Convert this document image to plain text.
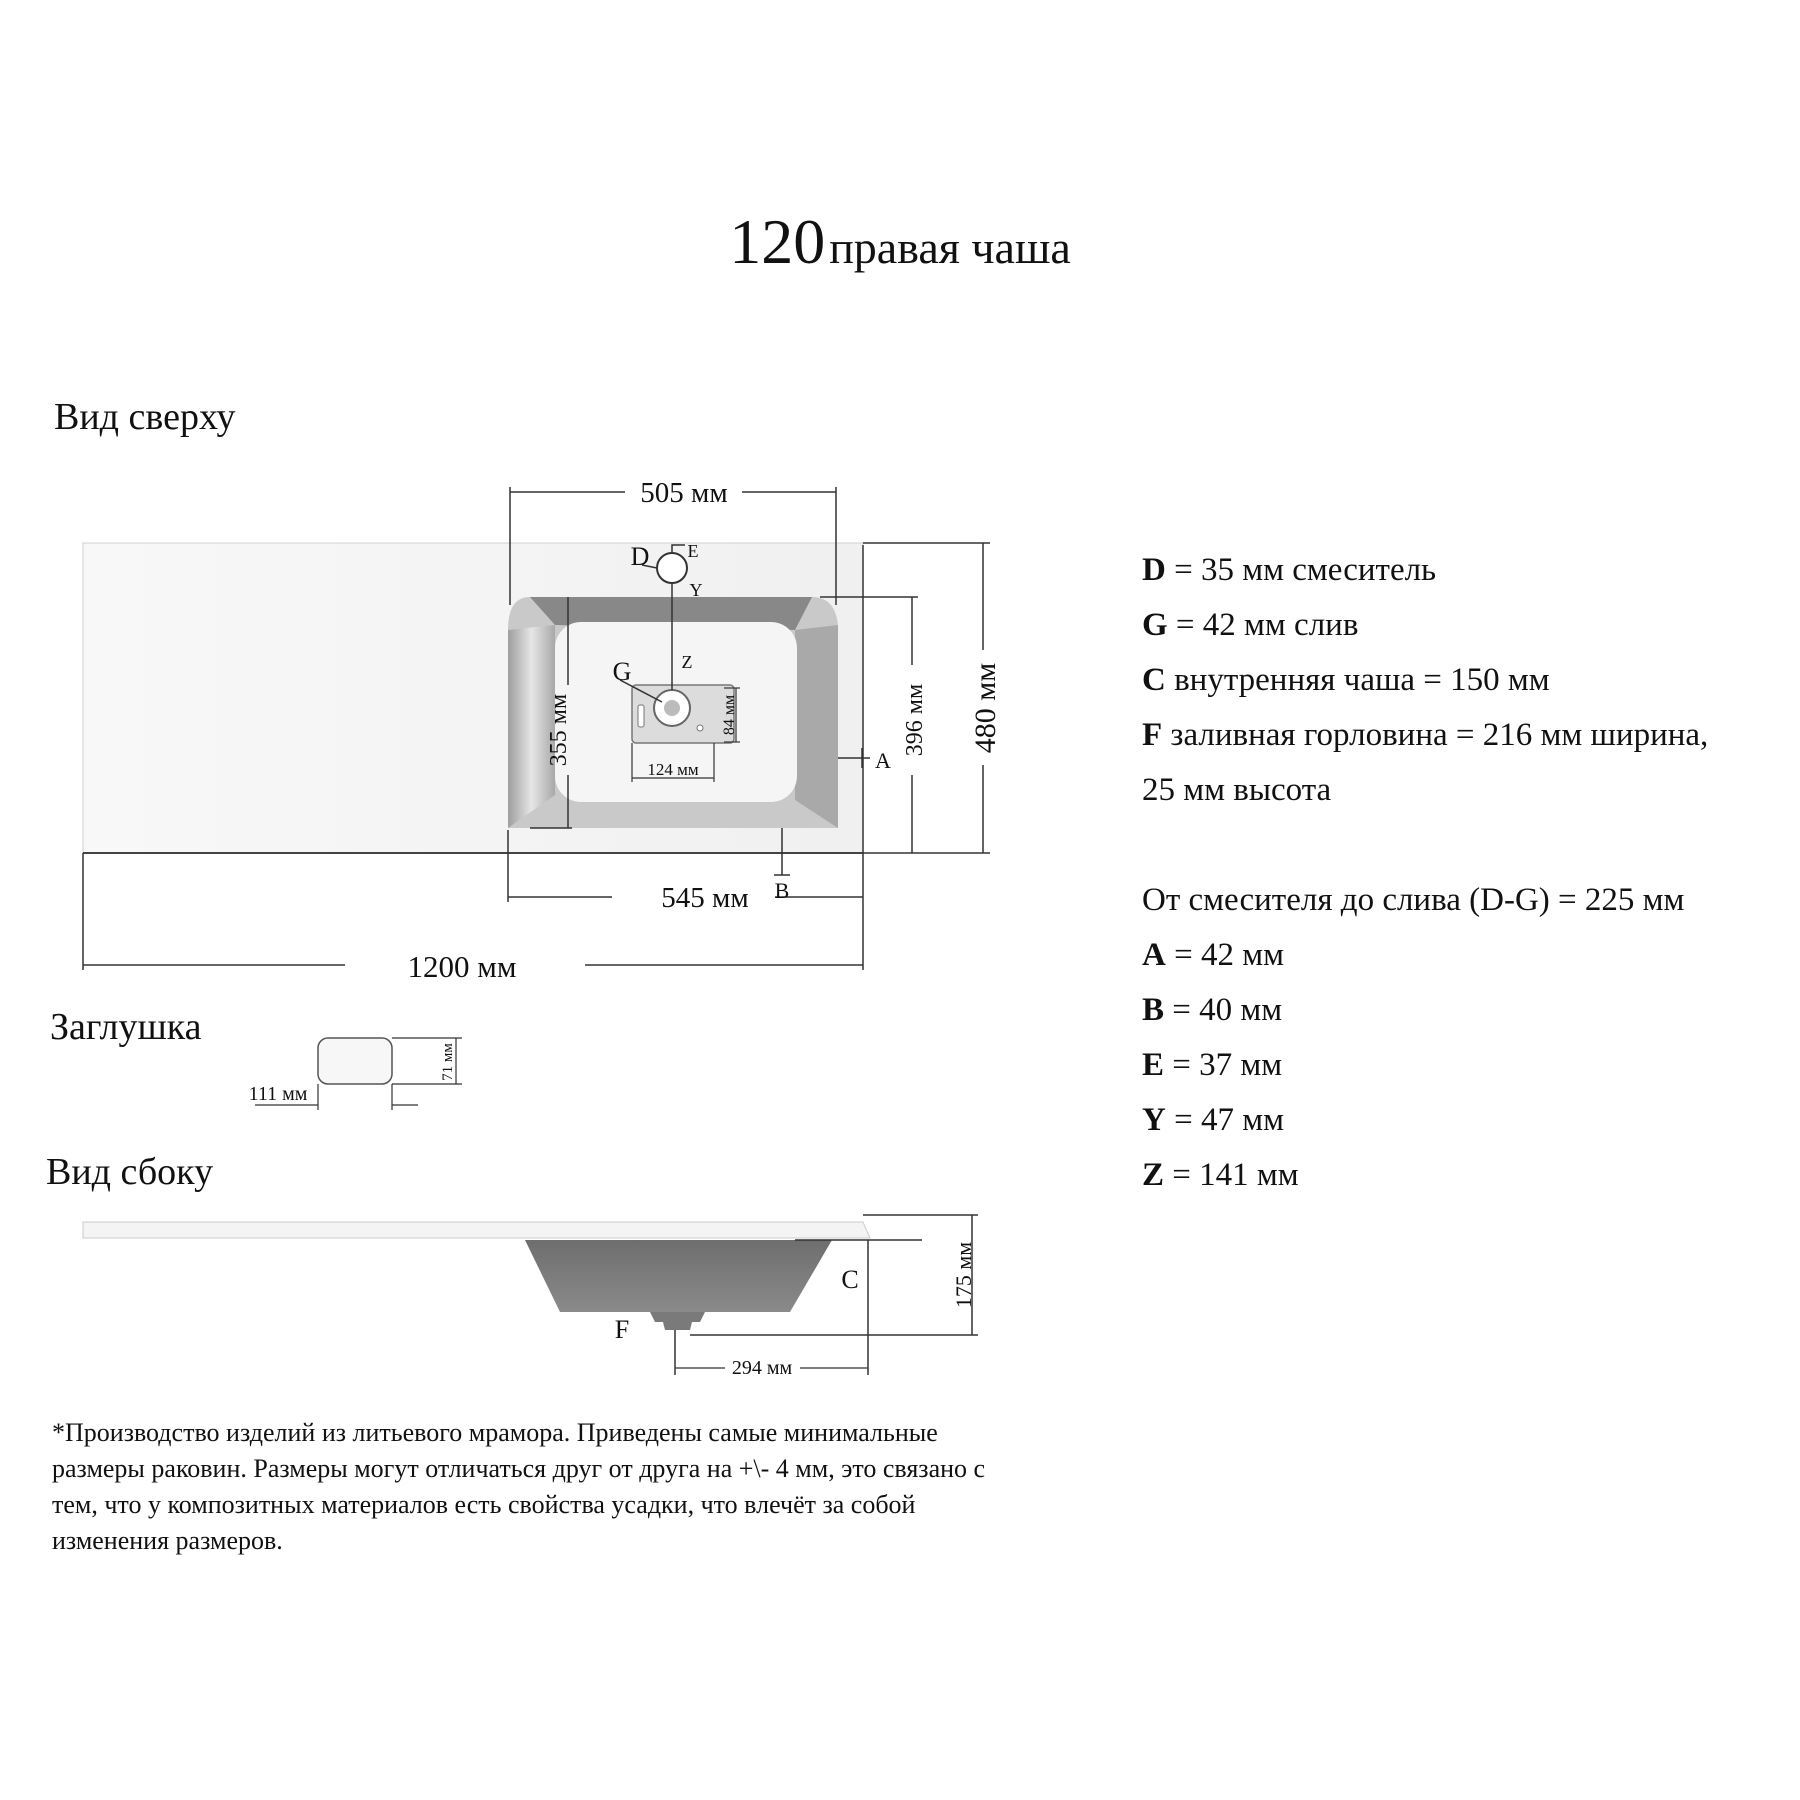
120 правая чаша
Вид сверху
Заглушка
Вид сбоку
505 мм
545 мм
1200 мм
480 мм
396 мм
355 мм	84 мм
124 мм
D E
Y
Z
G
A
B
111 мм
71 мм
C
F
175 мм
294 мм
D = 35 мм смеситель
G = 42 мм слив
C внутренняя чаша = 150 мм
F заливная горловина = 216 мм ширина,
25 мм высота
От смесителя до слива (D-G) = 225 мм
A = 42 мм
B = 40 мм
E = 37 мм
Y = 47 мм
Z = 141 мм
*Производство изделий из литьевого мрамора. Приведены самые минимальные размеры раковин. Размеры могут отличаться друг от друга на +\- 4 мм, это связано с тем, что у композитных материалов есть свойства усадки, что влечёт за собой изменения размеров.
